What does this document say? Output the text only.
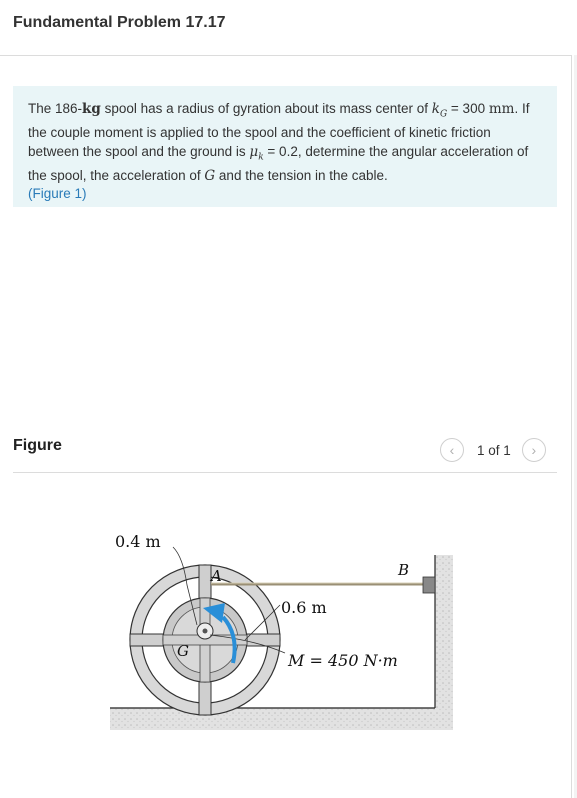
Fundamental Problem 17.17
The 186-kg spool has a radius of gyration about its mass center of $k_G = 300$ mm. If the couple moment is applied to the spool and the coefficient of kinetic friction between the spool and the ground is $\mu_k = 0.2$, determine the angular acceleration of the spool, the acceleration of G and the tension in the cable.
(Figure 1)
Figure	‹ 1 of 1 ›
0.4 m
A	B
0.6 m
G	M = 450 N·m
